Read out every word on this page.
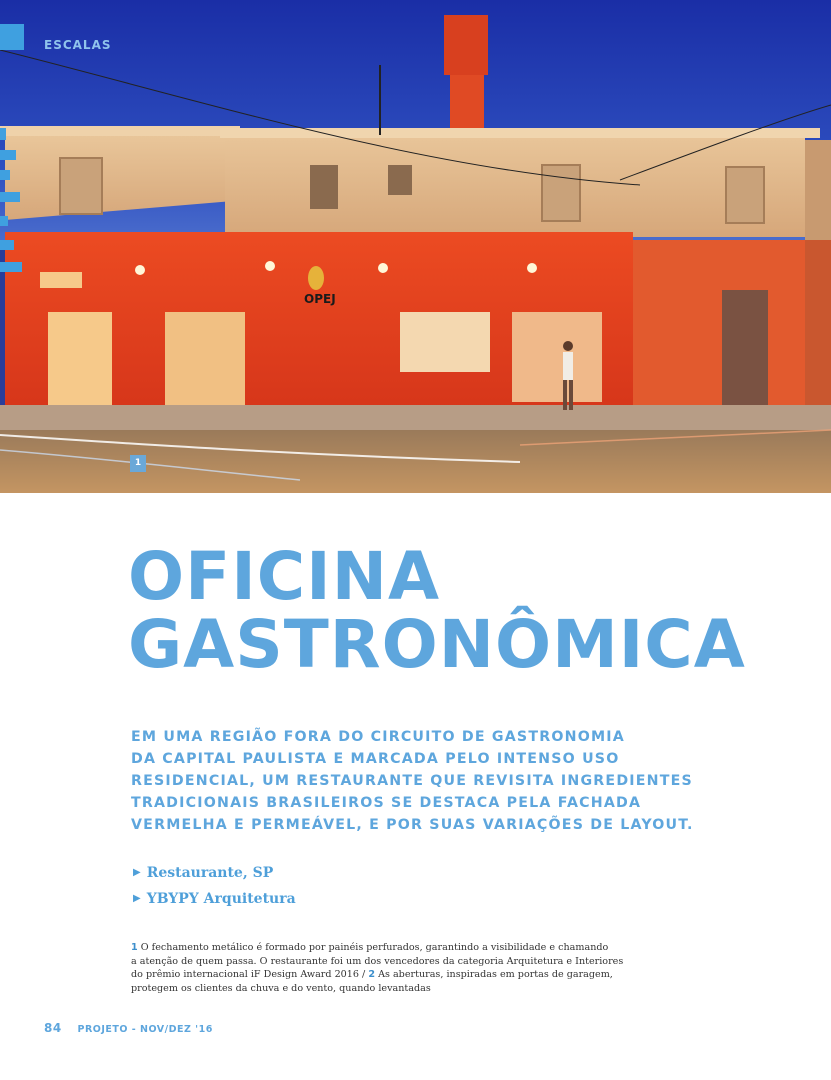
OPEJ
ESCALAS
1
OFICINA
GASTRONÔMICA
EM UMA REGIÃO FORA DO CIRCUITO DE GASTRONOMIA
DA CAPITAL PAULISTA E MARCADA PELO INTENSO USO
RESIDENCIAL, UM RESTAURANTE QUE REVISITA INGREDIENTES
TRADICIONAIS BRASILEIROS SE DESTACA PELA FACHADA
VERMELHA E PERMEÁVEL, E POR SUAS VARIAÇÕES DE LAYOUT.
▶ Restaurante, SP
▶ YBYPY Arquitetura
1 O fechamento metálico é formado por painéis perfurados, garantindo a visibilidade e chamando
a atenção de quem passa. O restaurante foi um dos vencedores da categoria Arquitetura e Interiores
do prêmio internacional iF Design Award 2016 / 2 As aberturas, inspiradas em portas de garagem,
protegem os clientes da chuva e do vento, quando levantadas
84 PROJETO - NOV/DEZ '16
